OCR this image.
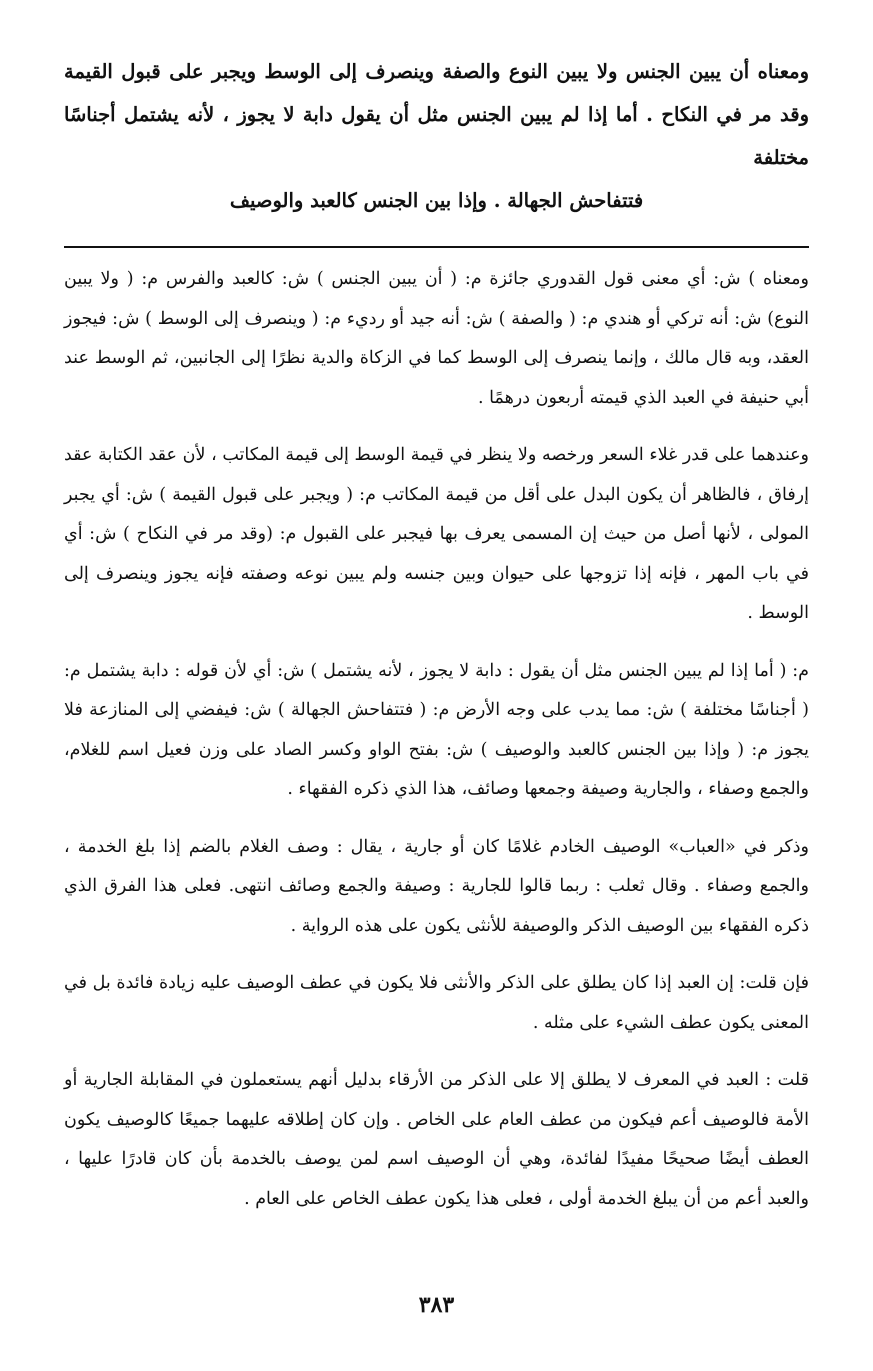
ومعناه أن يبين الجنس ولا يبين النوع والصفة وينصرف إلى الوسط ويجبر على قبول القيمة وقد مر في النكاح . أما إذا لم يبين الجنس مثل أن يقول دابة لا يجوز ، لأنه يشتمل أجناسًا مختلفة
فتتفاحش الجهالة . وإذا بين الجنس كالعبد والوصيف

ومعناه ) ش: أي معنى قول القدوري جائزة م: ( أن يبين الجنس ) ش: كالعبد والفرس م: ( ولا يبين النوع) ش: أنه تركي أو هندي م: ( والصفة ) ش: أنه جيد أو رديء م: ( وينصرف إلى الوسط ) ش: فيجوز العقد، وبه قال مالك ، وإنما ينصرف إلى الوسط كما في الزكاة والدية نظرًا إلى الجانبين، ثم الوسط عند أبي حنيفة في العبد الذي قيمته أربعون درهمًا .

وعندهما على قدر غلاء السعر ورخصه ولا ينظر في قيمة الوسط إلى قيمة المكاتب ، لأن عقد الكتابة عقد إرفاق ، فالظاهر أن يكون البدل على أقل من قيمة المكاتب م: ( ويجبر على قبول القيمة ) ش: أي يجبر المولى ، لأنها أصل من حيث إن المسمى يعرف بها فيجبر على القبول م: (وقد مر في النكاح ) ش: أي في باب المهر ، فإنه إذا تزوجها على حيوان وبين جنسه ولم يبين نوعه وصفته فإنه يجوز وينصرف إلى الوسط .

م: ( أما إذا لم يبين الجنس مثل أن يقول : دابة لا يجوز ، لأنه يشتمل ) ش: أي لأن قوله : دابة يشتمل م: ( أجناسًا مختلفة ) ش: مما يدب على وجه الأرض م: ( فتتفاحش الجهالة ) ش: فيفضي إلى المنازعة فلا يجوز م: ( وإذا بين الجنس كالعبد والوصيف ) ش: بفتح الواو وكسر الصاد على وزن فعيل اسم للغلام، والجمع وصفاء ، والجارية وصيفة وجمعها وصائف، هذا الذي ذكره الفقهاء .

وذكر في «العباب» الوصيف الخادم غلامًا كان أو جارية ، يقال : وصف الغلام بالضم إذا بلغ الخدمة ، والجمع وصفاء . وقال ثعلب : ربما قالوا للجارية : وصيفة والجمع وصائف انتهى. فعلى هذا الفرق الذي ذكره الفقهاء بين الوصيف الذكر والوصيفة للأنثى يكون على هذه الرواية .

فإن قلت: إن العبد إذا كان يطلق على الذكر والأنثى فلا يكون في عطف الوصيف عليه زيادة فائدة بل في المعنى يكون عطف الشيء على مثله .

قلت : العبد في المعرف لا يطلق إلا على الذكر من الأرقاء بدليل أنهم يستعملون في المقابلة الجارية أو الأمة فالوصيف أعم فيكون من عطف العام على الخاص . وإن كان إطلاقه عليهما جميعًا كالوصيف يكون العطف أيضًا صحيحًا مفيدًا لفائدة، وهي أن الوصيف اسم لمن يوصف بالخدمة بأن كان قادرًا عليها ، والعبد أعم من أن يبلغ الخدمة أولى ، فعلى هذا يكون عطف الخاص على العام .

٣٨٣
